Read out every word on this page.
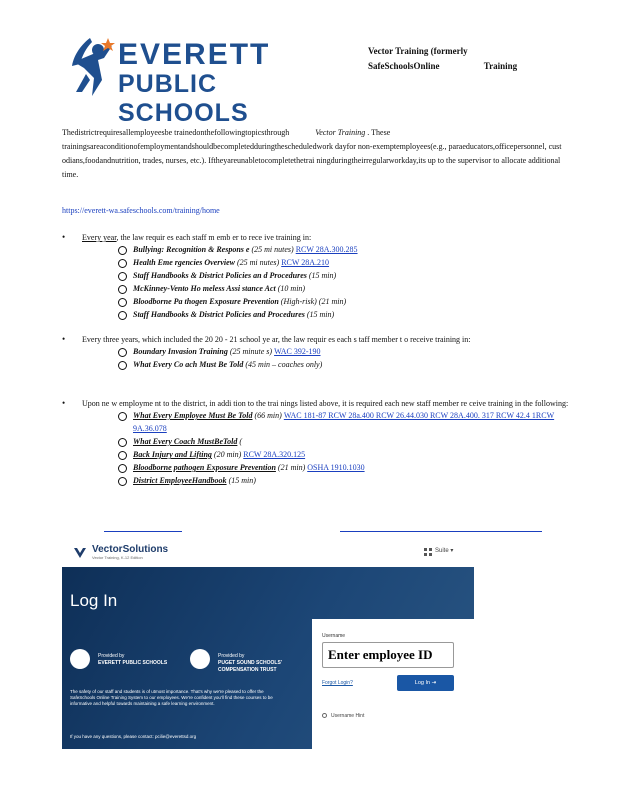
EVERETT
PUBLIC SCHOOLS
Vector Training (formerly
SafeSchoolsOnline	Training
Thedistrictrequiresallemployeesbe trainedonthefollowingtopicsthrough	Vector Training . These trainingsareaconditionofemploymentandshouldbecompletedduringthescheduledwork dayfor non-exemptemployees(e.g., paraeducators,officepersonnel, cust odians,foodandnutrition, trades, nurses, etc.). Iftheyareunabletocompletethetrai ningduringtheirregularworkday,its up to the supervisor to allocate additional time.
https://everett-wa.safeschools.com/training/home
• Every year, the law requir es each staff m emb er to rece ive training in:
Bullying: Recognition & Respons e (25 mi nutes) RCW 28A.300.285
Health Eme rgencies Overview (25 mi nutes) RCW 28A.210
Staff Handbooks & District Policies an d Procedures (15 min)
McKinney-Vento Ho meless Assi stance Act (10 min)
Bloodborne Pa thogen Exposure Prevention (High-risk) (21 min)
Staff Handbooks & District Policies and Procedures (15 min)
• Every three years, which included the 20 20 - 21 school ye ar, the law requir es each s taff member t o receive training in:
Boundary Invasion Training (25 minute s) WAC 392-190
What Every Co ach Must Be Told (45 min – coaches only)
• Upon ne w employme nt to the district, in addi tion to the trai nings listed above, it is required each new staff member re ceive training in the following:
What Every Employee Must Be Told (66 min) WAC 181-87 RCW 28a.400 RCW 26.44.030 RCW 28A.400. 317 RCW 42.4 1RCW 9A.36.078
What Every Coach MustBeTold (
Back Injury and Lifting (20 min) RCW 28A.320.125
Bloodborne pathogen Exposure Prevention (21 min) OSHA 1910.1030
District EmployeeHandbook (15 min)
VectorSolutions
Vector Training, K-12 Edition
Suite ▾
Log In
Provided by
EVERETT PUBLIC SCHOOLS
Provided by
PUGET SOUND SCHOOLS' COMPENSATION TRUST
The safety of our staff and students is of utmost importance. That's why we're pleased to offer the SafeSchools Online Training System to our employees. We're confident you'll find these courses to be informative and helpful towards maintaining a safe learning environment.
If you have any questions, please contact: pcilie@everettsd.org
Username
Enter employee ID
Forgot Login?	Log In ⇥
Username Hint
